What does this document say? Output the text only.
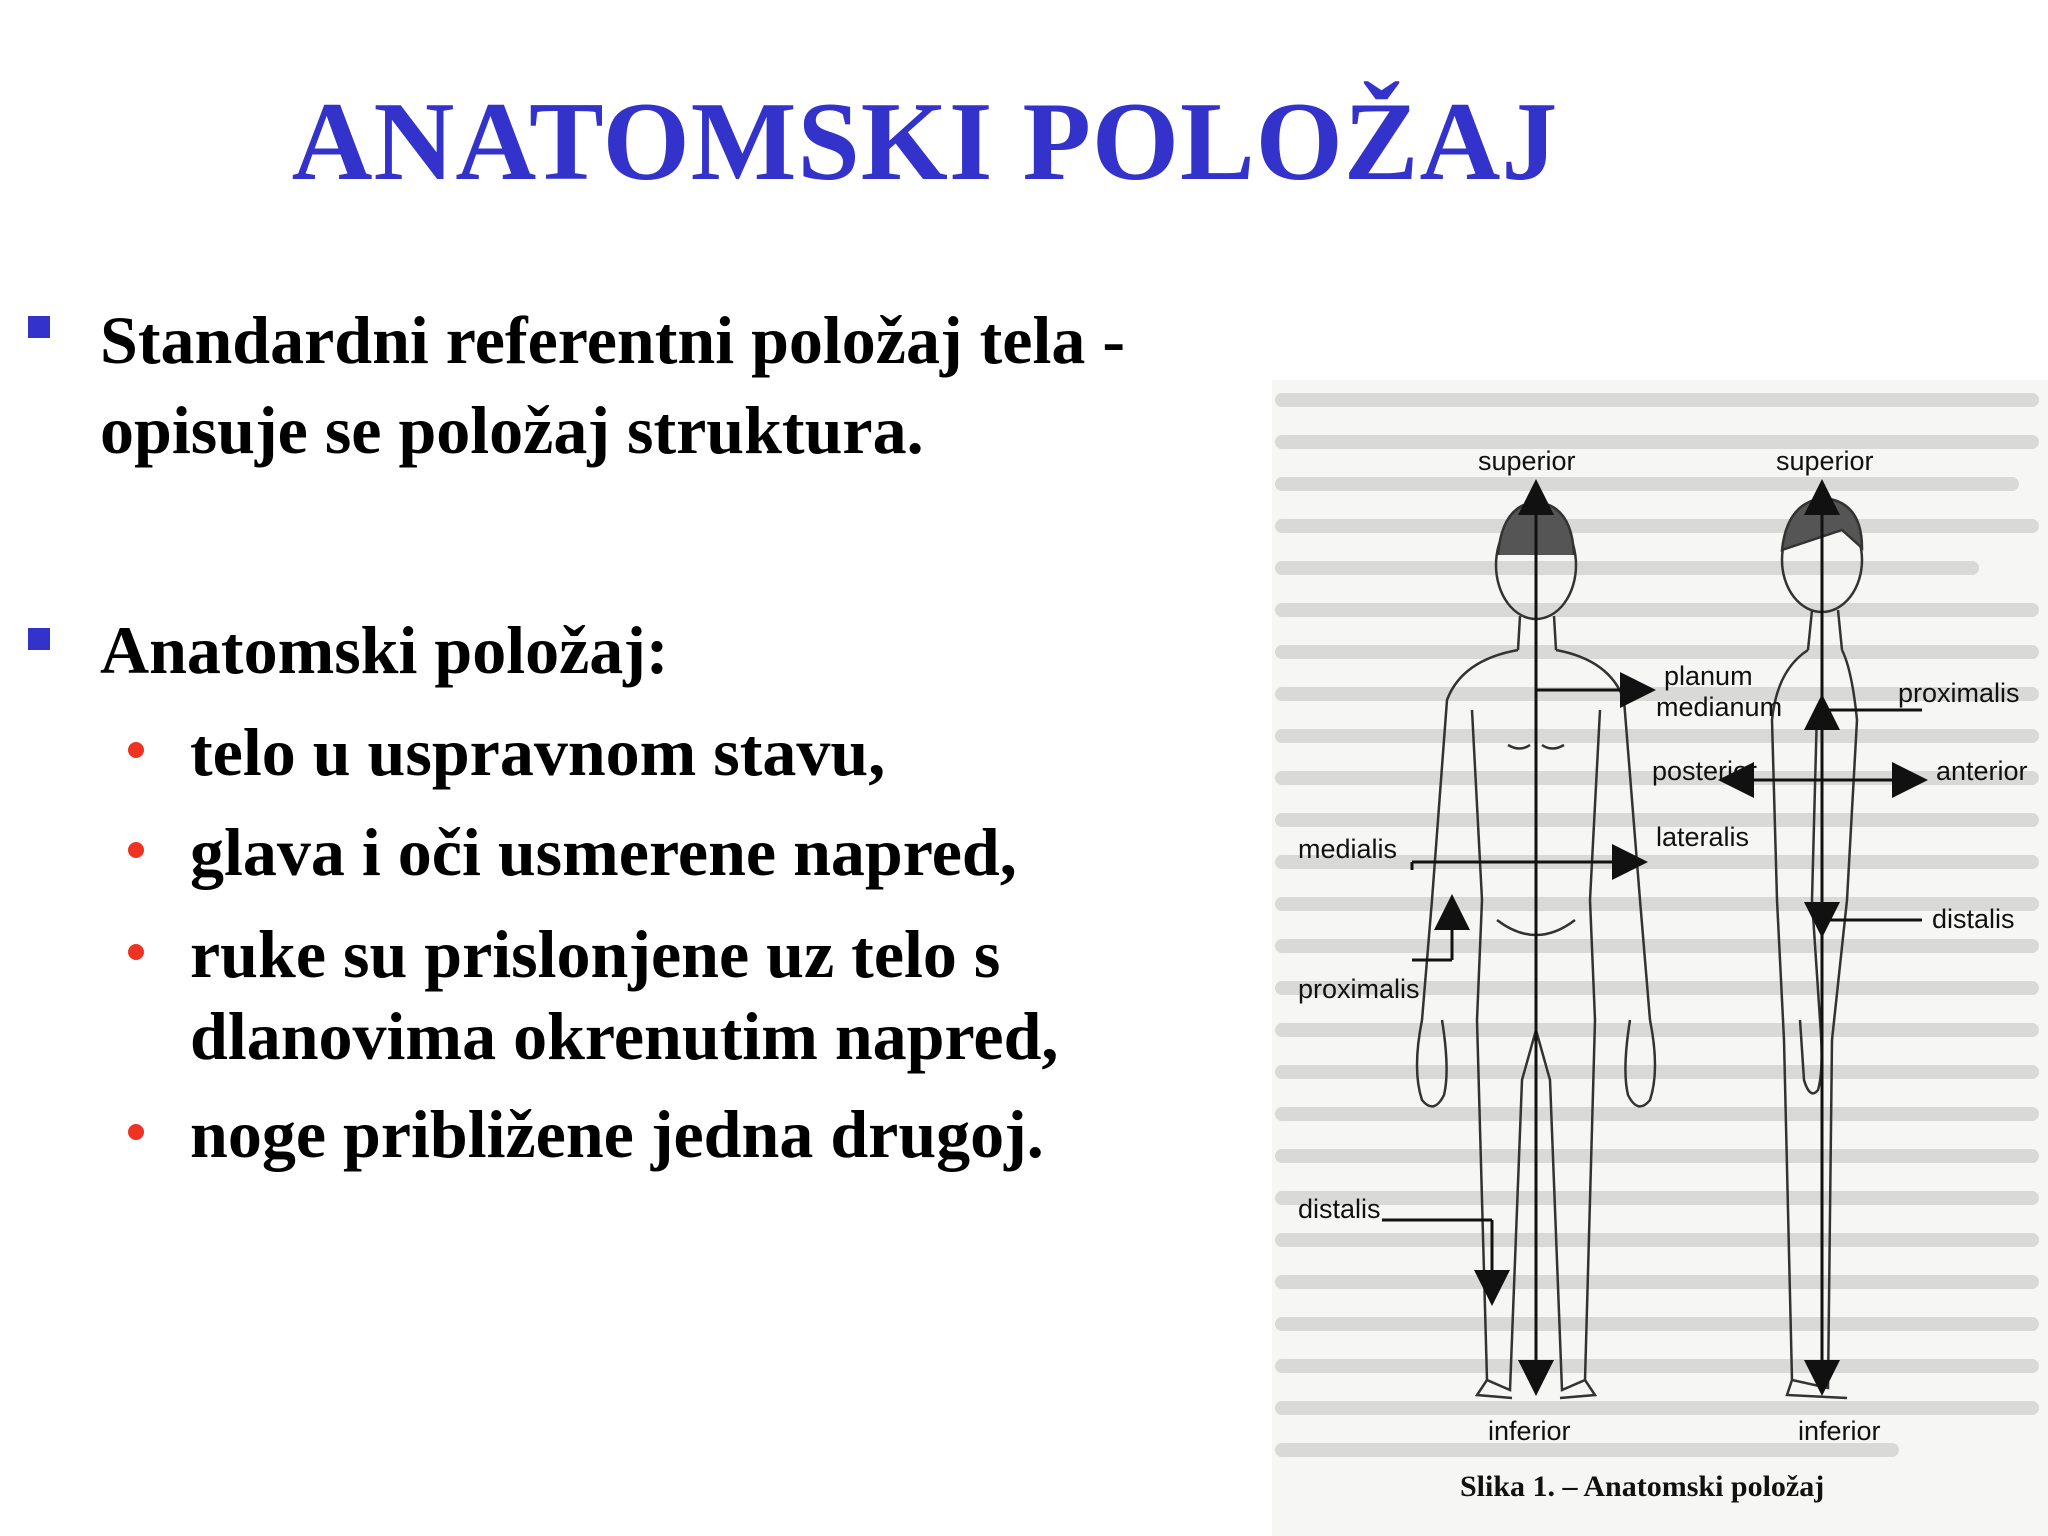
ANATOMSKI POLOŽAJ
Standardni referentni položaj tela -
opisuje se položaj struktura.
Anatomski položaj:
telo u uspravnom stavu,
glava i oči usmerene napred,
ruke su prislonjene uz telo s
dlanovima okrenutim napred,
noge približene jedna drugoj.
superior	superior
planum
medianum	proximalis
posterior	anterior
medialis	lateralis
distalis
proximalis
distalis
inferior	inferior
Slika 1. – Anatomski položaj
